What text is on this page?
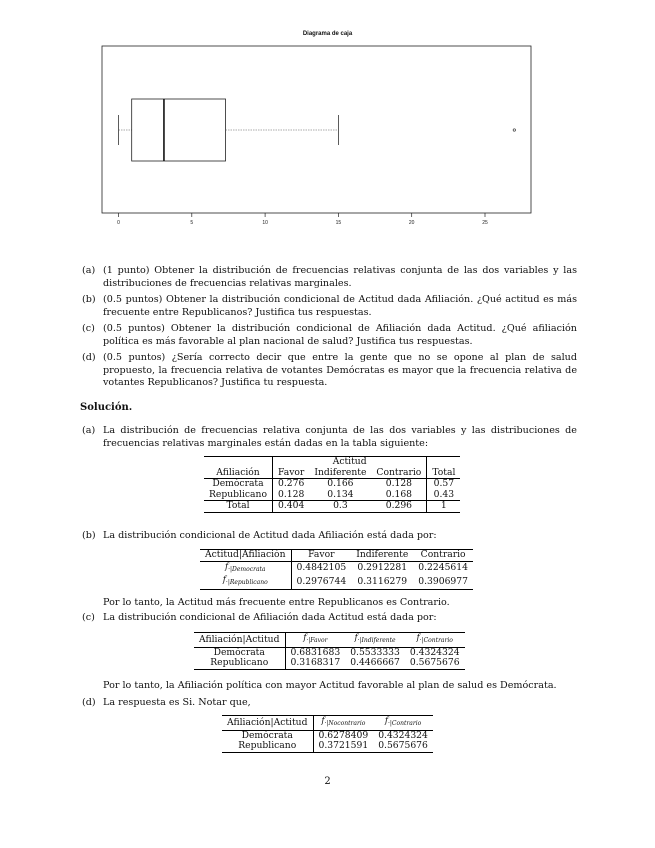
Diagrama de caja
0	5	10	15	20	25
(a) (1 punto) Obtener la distribución de frecuencias relativas conjunta de las dos variables y las distribuciones de frecuencias relativas marginales.
(b) (0.5 puntos) Obtener la distribución condicional de Actitud dada Afiliación. ¿Qué actitud es más frecuente entre Republicanos? Justifica tus respuestas.
(c) (0.5 puntos) Obtener la distribución condicional de Afiliación dada Actitud. ¿Qué afiliación política es más favorable al plan nacional de salud? Justifica tus respuestas.
(d) (0.5 puntos) ¿Sería correcto decir que entre la gente que no se opone al plan de salud propuesto, la frecuencia relativa de votantes Demócratas es mayor que la frecuencia relativa de votantes Republicanos? Justifica tu respuesta.
Solución.
(a) La distribución de frecuencias relativa conjunta de las dos variables y las distribuciones de frecuencias relativas marginales están dadas en la tabla siguiente:
	Actitud			
Afiliación	Favor	Indiferente	Contrario	Total
Demócrata	0.276	0.166	0.128	0.57
Republicano	0.128	0.134	0.168	0.43
Total	0.404	0.3	0.296	1
(b) La distribución condicional de Actitud dada Afiliación está dada por:
Actitud|Afiliación	Favor	Indiferente	Contrario
$f_{\cdot|Democrata}$	0.4842105	0.2912281	0.2245614
$f_{\cdot|Republicano}$	0.2976744	0.3116279	0.3906977
Por lo tanto, la Actitud más frecuente entre Republicanos es Contrario.
(c) La distribución condicional de Afiliación dada Actitud está dada por:
Afiliación|Actitud	$f_{\cdot|Favor}$	$f_{\cdot|Indiferente}$	$f_{\cdot|Contrario}$
Demócrata	0.6831683	0.5533333	0.4324324
Republicano	0.3168317	0.4466667	0.5675676
Por lo tanto, la Afiliación política con mayor Actitud favorable al plan de salud es Demócrata.
(d) La respuesta es Si. Notar que,
Afiliación|Actitud	$f_{\cdot|Nocontrario}$	$f_{\cdot|Contrario}$
Demócrata	0.6278409	0.4324324
Republicano	0.3721591	0.5675676
2
